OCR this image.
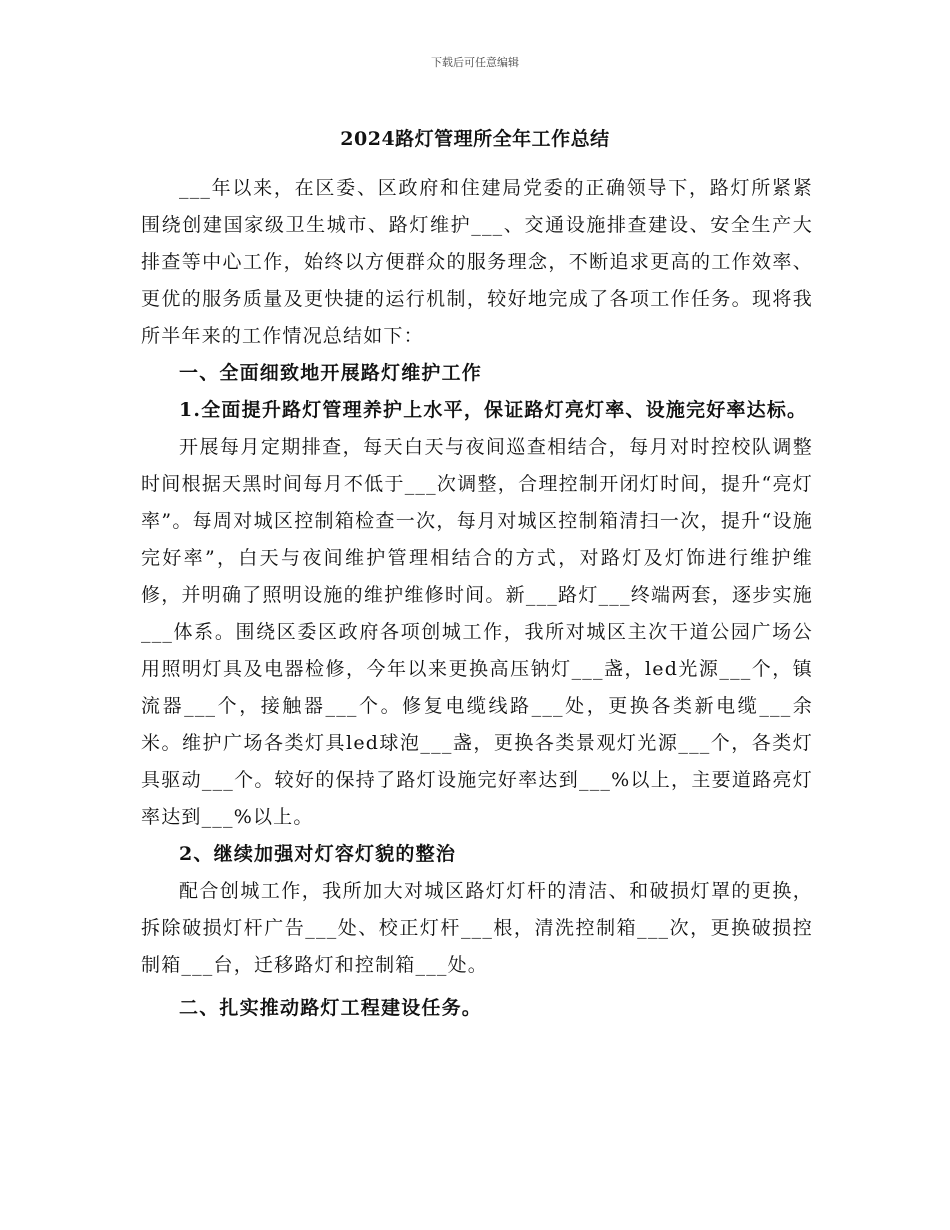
下载后可任意编辑
2024路灯管理所全年工作总结

___年以来，在区委、区政府和住建局党委的正确领导下，路灯所紧紧围绕创建国家级卫生城市、路灯维护___、交通设施排查建设、安全生产大排查等中心工作，始终以方便群众的服务理念，不断追求更高的工作效率、更优的服务质量及更快捷的运行机制，较好地完成了各项工作任务。现将我所半年来的工作情况总结如下：

一、全面细致地开展路灯维护工作
1.全面提升路灯管理养护上水平，保证路灯亮灯率、设施完好率达标。

开展每月定期排查，每天白天与夜间巡查相结合，每月对时控校队调整时间根据天黑时间每月不低于___次调整，合理控制开闭灯时间，提升“亮灯率”。每周对城区控制箱检查一次，每月对城区控制箱清扫一次，提升“设施完好率”，白天与夜间维护管理相结合的方式，对路灯及灯饰进行维护维修，并明确了照明设施的维护维修时间。新___路灯___终端两套，逐步实施___体系。围绕区委区政府各项创城工作，我所对城区主次干道公园广场公用照明灯具及电器检修，今年以来更换高压钠灯___盏，led光源___个，镇流器___个，接触器___个。修复电缆线路___处，更换各类新电缆___余米。维护广场各类灯具led球泡___盏，更换各类景观灯光源___个，各类灯具驱动___个。较好的保持了路灯设施完好率达到___%以上，主要道路亮灯率达到___%以上。

2、继续加强对灯容灯貌的整治

配合创城工作，我所加大对城区路灯灯杆的清洁、和破损灯罩的更换，拆除破损灯杆广告___处、校正灯杆___根，清洗控制箱___次，更换破损控制箱___台，迁移路灯和控制箱___处。

二、扎实推动路灯工程建设任务。
